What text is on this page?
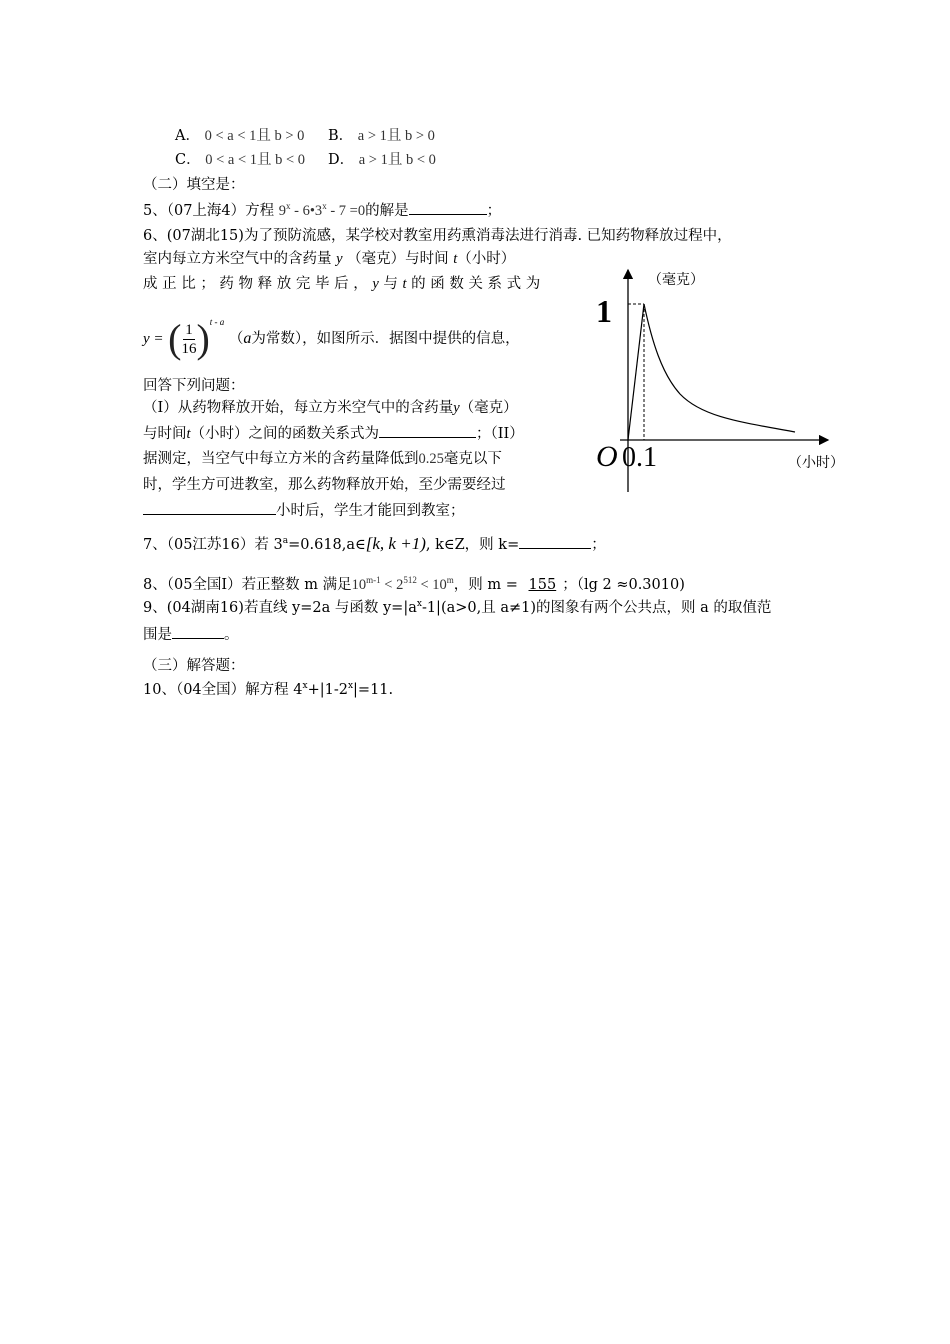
A． 0 < a < 1且 b > 0 B． a > 1且 b > 0
C． 0 < a < 1且 b < 0 D． a > 1且 b < 0
（二）填空是：
5、（07上海4）方程 9$^x$ - 6•3$^x$ - 7 =0的解是	；
6、(07湖北15)为了预防流感，某学校对教室用药熏消毒法进行消毒. 已知药物释放过程中，
室内每立方米空气中的含药量 y （毫克）与时间 t（小时）
成 正 比 ； 药 物 释 放 完 毕 后 ， y 与 t 的 函 数 关 系 式 为
y = ( $\frac{1}{16} )^{t - a}$ （a为常数），如图所示．据图中提供的信息，
回答下列问题：
（I）从药物释放开始，每立方米空气中的含药量y（毫克）
与时间t（小时）之间的函数关系式为	；（II）
据测定，当空气中每立方米的含药量降低到0.25毫克以下
时，学生方可进教室，那么药物释放开始，至少需要经过
小时后，学生才能回到教室；
（毫克）
（小时）
1
O 0.1
7、（05江苏16）若 $3^a=0.618,a\in[k$, k +1), k∈Z，则 k=	；
8、（05全国Ⅰ）若正整数 m 满足$10^{m-1} < 2^{512} < 10^m$，则 m = 155 ；（lg 2 ≈0.3010)
9、(04湖南16)若直线 y=2a 与函数 $y=|a^x-1|(a>0$,且 a≠1)的图象有两个公共点，则 a 的取值范
围是	。
（三）解答题：
10、（04全国）解方程 $4^x+|1-2^x|=11$.
